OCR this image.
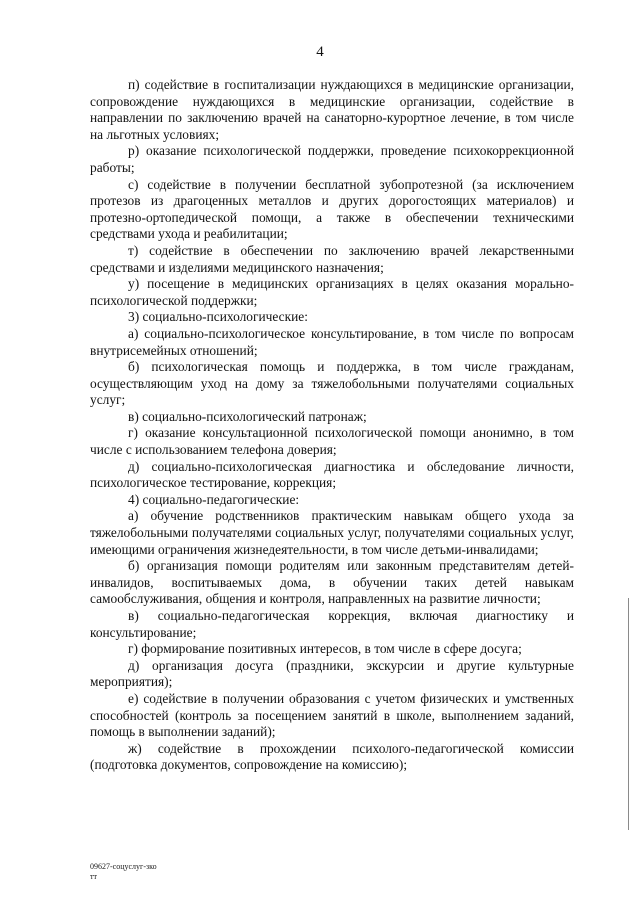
4

п) содействие в госпитализации нуждающихся в медицинские организации, сопровождение нуждающихся в медицинские организации, содействие в направлении по заключению врачей на санаторно-курортное лечение, в том числе на льготных условиях;

р) оказание психологической поддержки, проведение психокоррекционной работы;

с) содействие в получении бесплатной зубопротезной (за исключением протезов из драгоценных металлов и других дорогостоящих материалов) и протезно-ортопедической помощи, а также в обеспечении техническими средствами ухода и реабилитации;

т) содействие в обеспечении по заключению врачей лекарственными средствами и изделиями медицинского назначения;

у) посещение в медицинских организациях в целях оказания морально-психологической поддержки;

3) социально-психологические:

а) социально-психологическое консультирование, в том числе по вопросам внутрисемейных отношений;

б) психологическая помощь и поддержка, в том числе гражданам, осуществляющим уход на дому за тяжелобольными получателями социальных услуг;

в) социально-психологический патронаж;

г) оказание консультационной психологической помощи анонимно, в том числе с использованием телефона доверия;

д) социально-психологическая диагностика и обследование личности, психологическое тестирование, коррекция;

4) социально-педагогические:

а) обучение родственников практическим навыкам общего ухода за тяжелобольными получателями социальных услуг, получателями социальных услуг, имеющими ограничения жизнедеятельности, в том числе детьми-инвалидами;

б) организация помощи родителям или законным представителям детей-инвалидов, воспитываемых дома, в обучении таких детей навыкам самообслуживания, общения и контроля, направленных на развитие личности;

в) социально-педагогическая коррекция, включая диагностику и консультирование;

г) формирование позитивных интересов, в том числе в сфере досуга;

д) организация досуга (праздники, экскурсии и другие культурные мероприятия);

е) содействие в получении образования с учетом физических и умственных способностей (контроль за посещением занятий в школе, выполнением заданий, помощь в выполнении заданий);

ж) содействие в прохождении психолого-педагогической комиссии (подготовка документов, сопровождение на комиссию);

09627-соцуслуг-зко
тт
